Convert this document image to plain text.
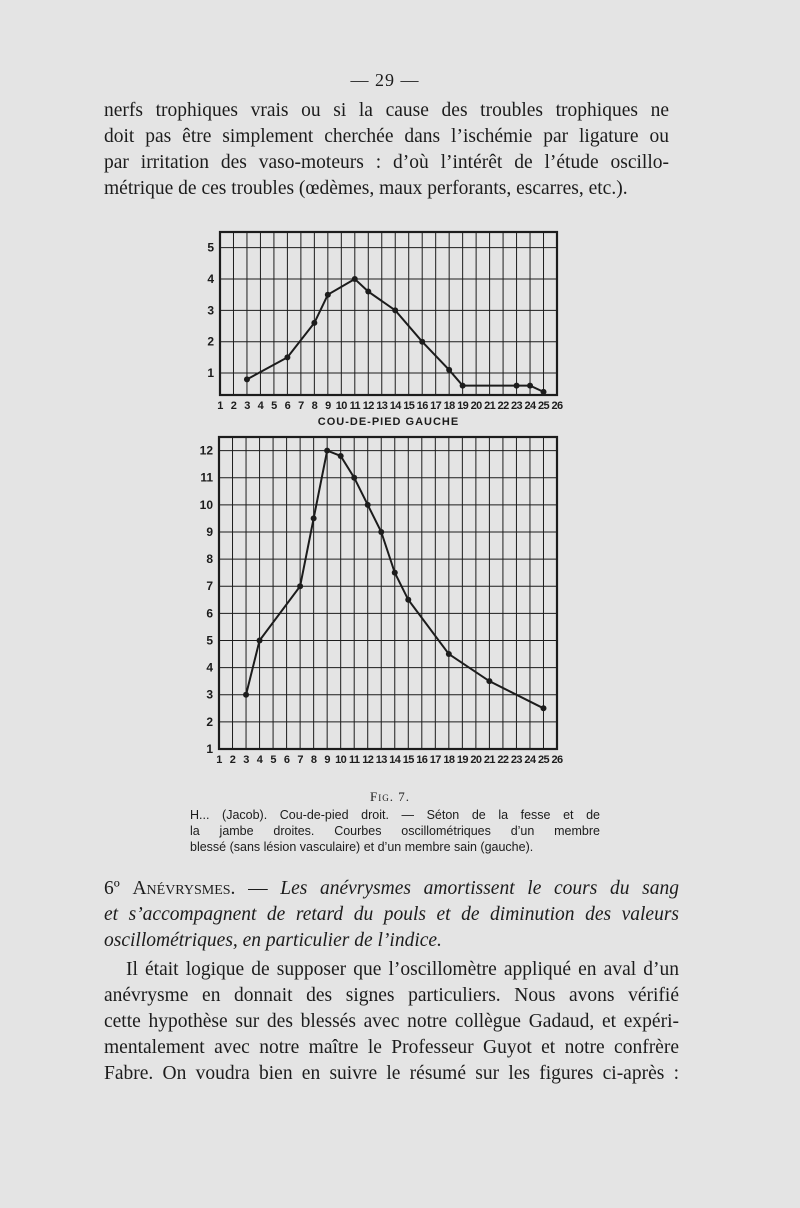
— 29 —

nerfs trophiques vrais ou si la cause des troubles trophiques ne

doit pas être simplement cherchée dans l’ischémie par ligature ou

par irritation des vaso-moteurs : d’où l’intérêt de l’étude oscillo-

métrique de ces troubles (œdèmes, maux perforants, escarres, etc.).

1
2
3
4
5
1 2 3 4 5 6 7 8 9 10 11 12 13 14 15 16 17 18 19 20 21 22 23 24 25 26
COU-DE-PIED GAUCHE
1
2
3
4
5
6
7
8
9
10
11
12
1 2 3 4 5 6 7 8 9 10 11 12 13 14 15 16 17 18 19 20 21 22 23 24 25 26
Fig. 7.
H... (Jacob). Cou-de-pied droit. — Séton de la fesse et de
la jambe droites. Courbes oscillométriques d’un membre
blessé (sans lésion vasculaire) et d’un membre sain (gauche).

6º Anévrysmes. — Les anévrysmes amortissent le cours du sang

et s’accompagnent de retard du pouls et de diminution des valeurs

oscillométriques, en particulier de l’indice.

Il était logique de supposer que l’oscillomètre appliqué en aval d’un

anévrysme en donnait des signes particuliers. Nous avons vérifié

cette hypothèse sur des blessés avec notre collègue Gadaud, et expéri-

mentalement avec notre maître le Professeur Guyot et notre confrère

Fabre. On voudra bien en suivre le résumé sur les figures ci-après :
